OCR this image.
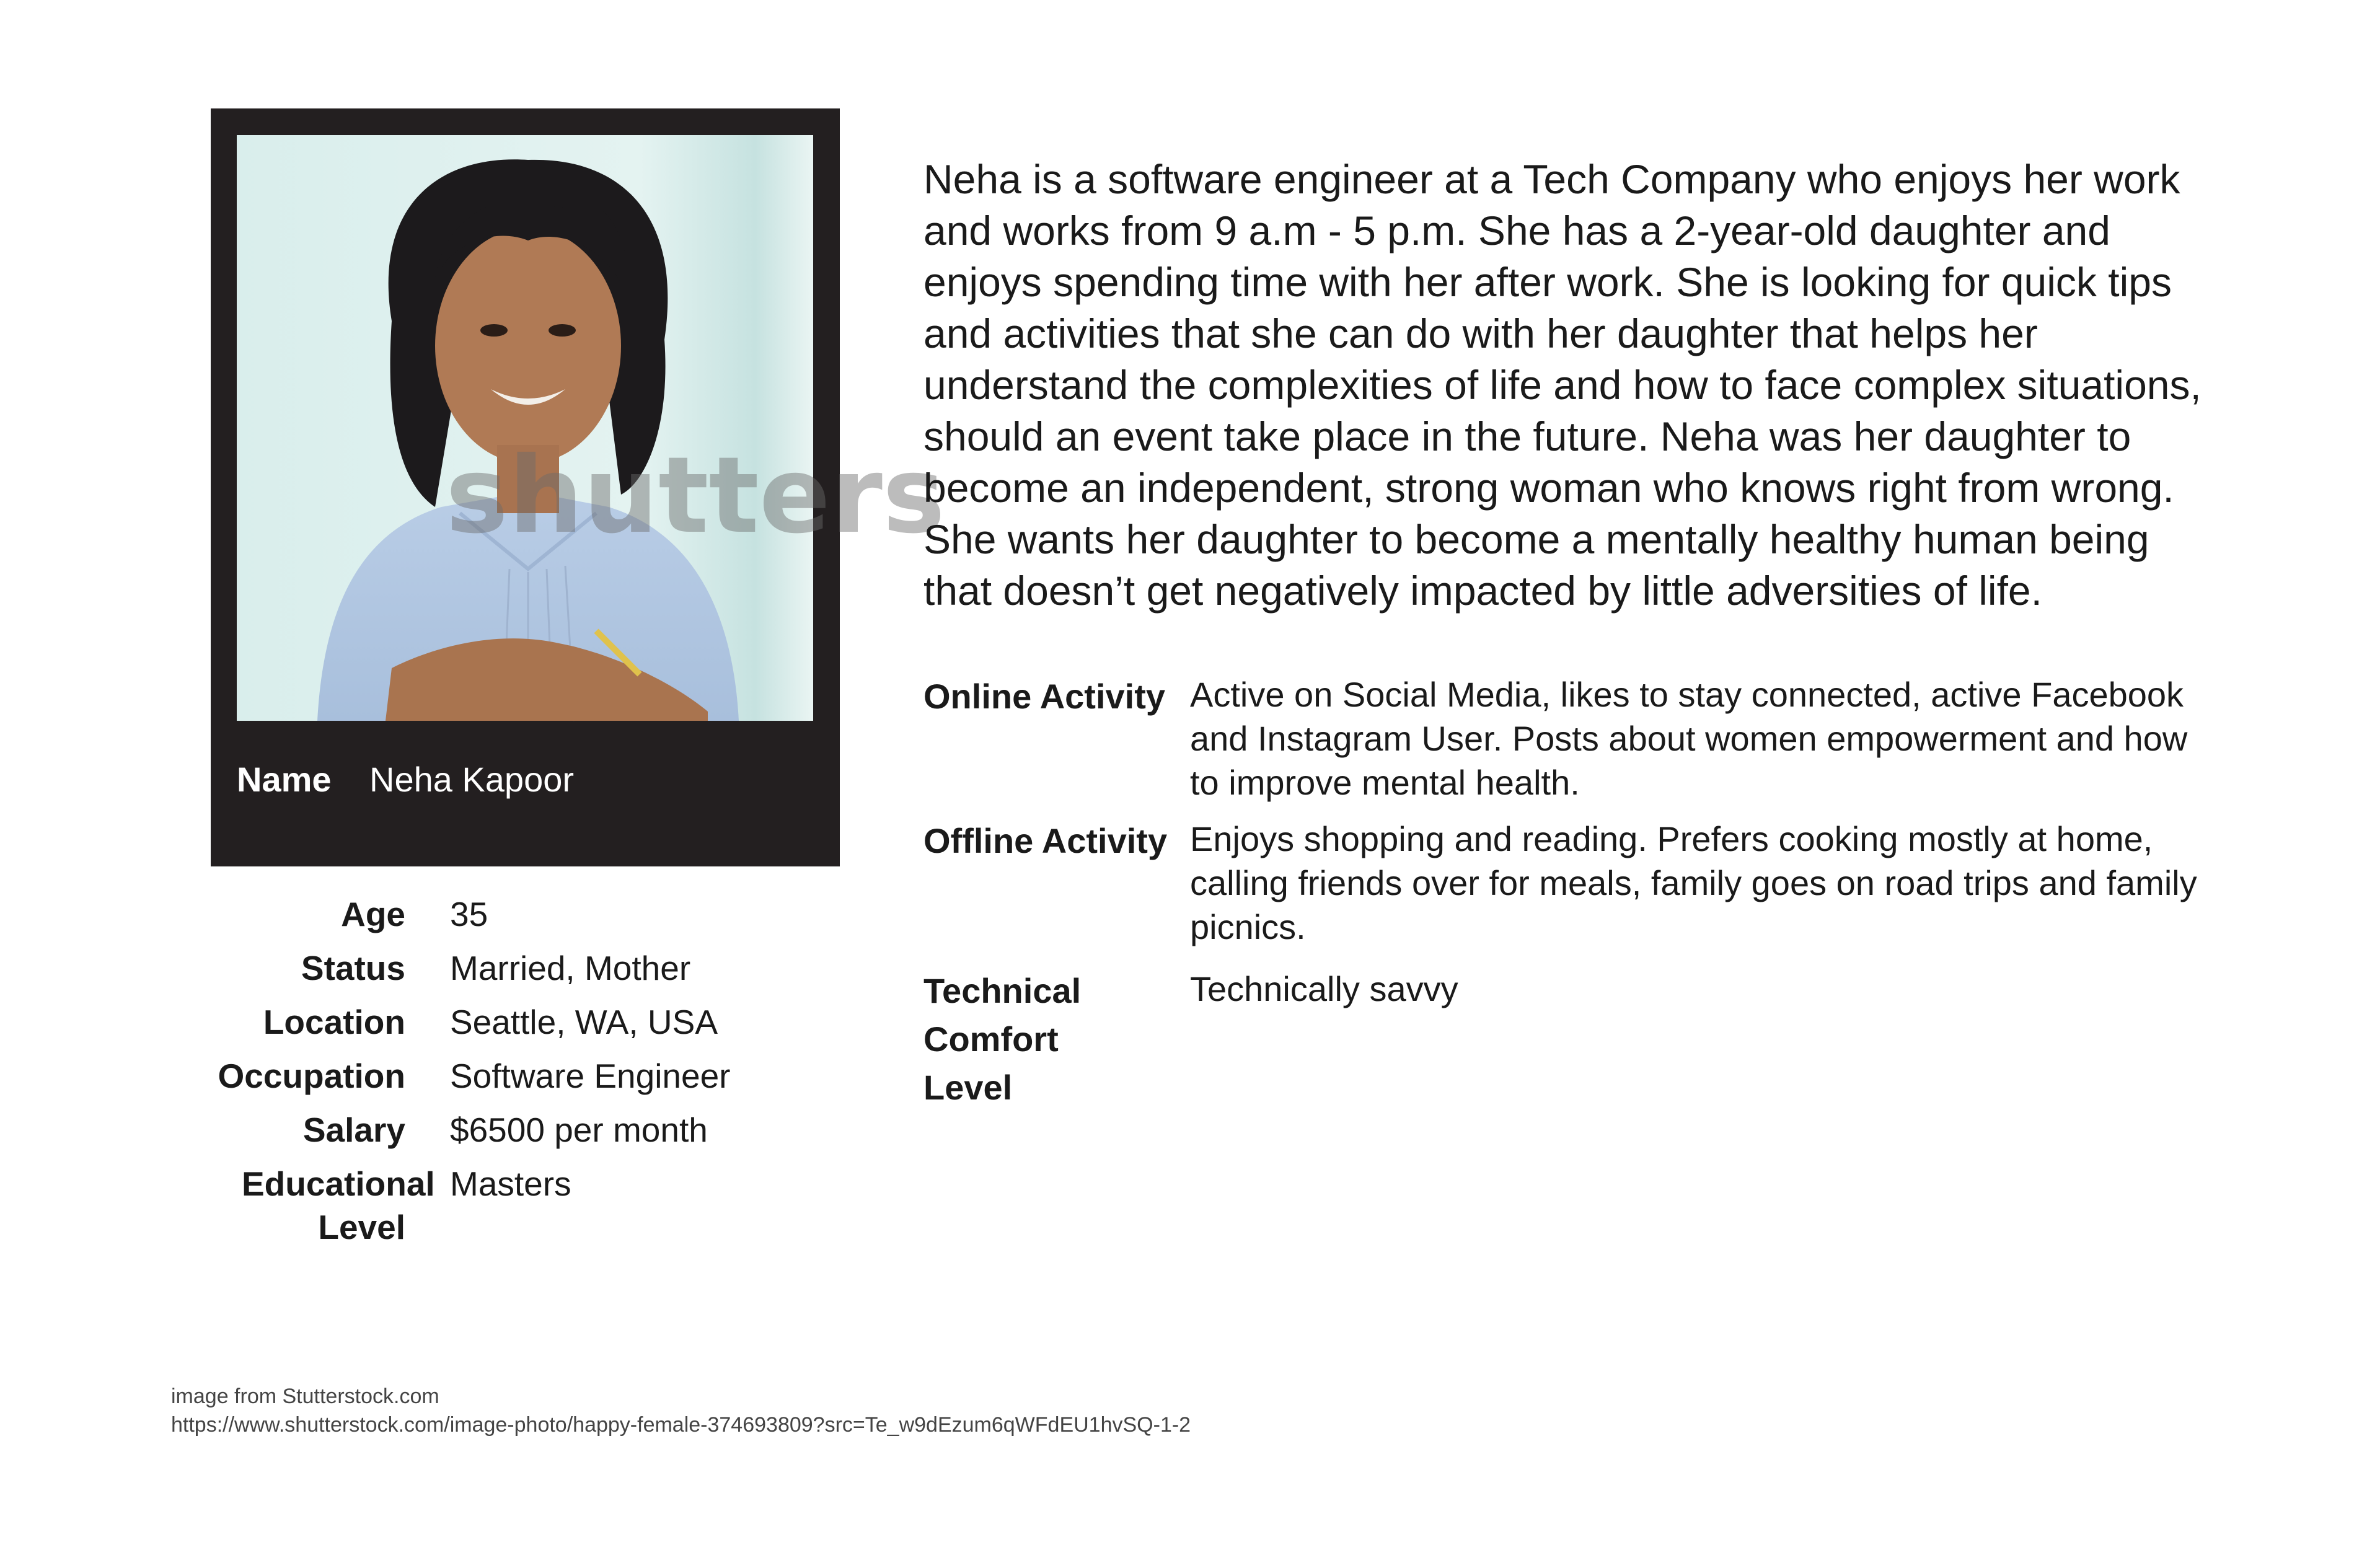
shutters
Name Neha Kapoor
Age 35
Status Married, Mother
Location Seattle, WA, USA
Occupation Software Engineer
Salary $6500 per month
Educational Level
Masters
Neha is a software engineer at a Tech Company who enjoys her work and works from 9 a.m - 5 p.m. She has a 2-year-old daughter and enjoys spending time with her after work. She is looking for quick tips and activities that she can do with her daughter that helps her understand the complexities of life and how to face complex situations, should an event take place in the future. Neha was her daughter to become an independent, strong woman who knows right from wrong. She wants her daughter to become a mentally healthy human being that doesn’t get negatively impacted by little adversities of life.
Online Activity Active on Social Media, likes to stay connected, active Facebook and Instagram User. Posts about women empowerment and how to improve mental health.
Offline Activity Enjoys shopping and reading. Prefers cooking mostly at home, calling friends over for meals, family goes on road trips and family picnics.
Technical Comfort Level
Technically savvy
image from Stutterstock.com
https://www.shutterstock.com/image-photo/happy-female-374693809?src=Te_w9dEzum6qWFdEU1hvSQ-1-2
